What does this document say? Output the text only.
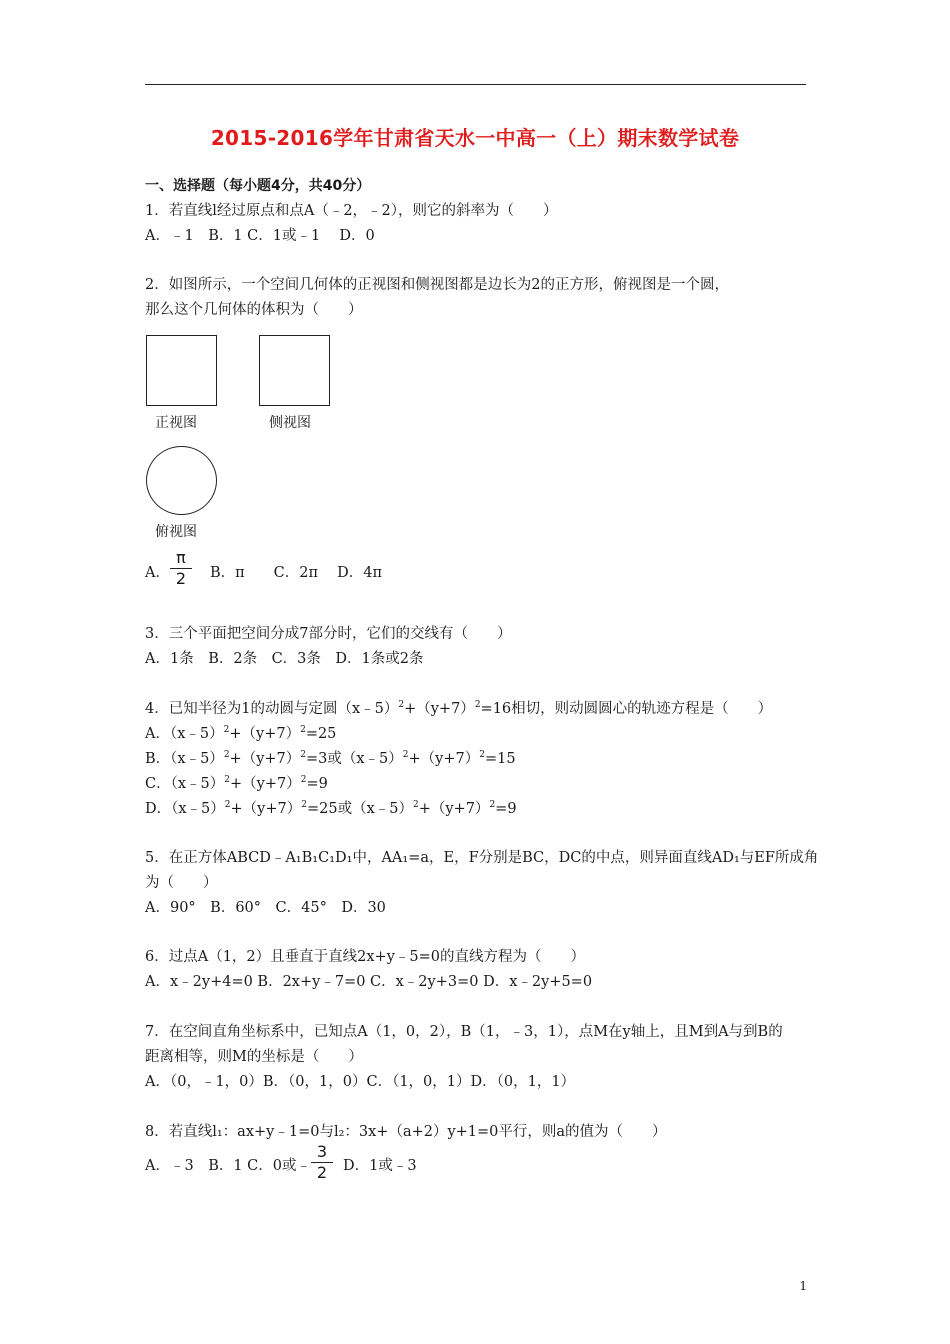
2015-2016学年甘肃省天水一中高一（上）期末数学试卷
一、选择题（每小题4分，共40分）
1．若直线l经过原点和点A（﹣2，﹣2），则它的斜率为（　　）
A．﹣1　B．1 C．1或﹣1　 D．0
2．如图所示，一个空间几何体的正视图和侧视图都是边长为2的正方形，俯视图是一个圆，
那么这个几何体的体积为（　　）
正视图	侧视图
俯视图
A．
π
2	B．π　　C．2π　 D．4π
3．三个平面把空间分成7部分时，它们的交线有（　　）
A．1条　B．2条　C．3条　D．1条或2条
4．已知半径为1的动圆与定圆$(x﹣5)^2+(y+7)^2=16$相切，则动圆圆心的轨迹方程是（　　）
A．$(x﹣5)^2+(y+7)^2=25$
B．$(x﹣5)^2+(y+7)^2=3$或$(x﹣5)^2+(y+7)^2=15$
C．$(x﹣5)^2+(y+7)^2=9$
D．$(x﹣5)^2+(y+7)^2=25$或$(x﹣5)^2+(y+7)^2=9$
5．在正方体ABCD﹣A₁B₁C₁D₁中，AA₁=a，E，F分别是BC，DC的中点，则异面直线AD₁与EF所成角
为（　　）
A．90°　B．60°　C．45°　D．30
6．过点A（1，2）且垂直于直线2x+y﹣5=0的直线方程为（　　）
A．x﹣2y+4=0 B．2x+y﹣7=0 C．x﹣2y+3=0 D．x﹣2y+5=0
7．在空间直角坐标系中，已知点A（1，0，2），B（1，﹣3，1），点M在y轴上，且M到A与到B的
距离相等，则M的坐标是（　　）
A．（0，﹣1，0）B．（0，1，0）C．（1，0，1）D．（0，1，1）
8．若直线l₁：ax+y﹣1=0与l₂：3x+（a+2）y+1=0平行，则a的值为（　　）
A．﹣3　B．1 C．0或﹣
3
2	D．1或﹣3
1
